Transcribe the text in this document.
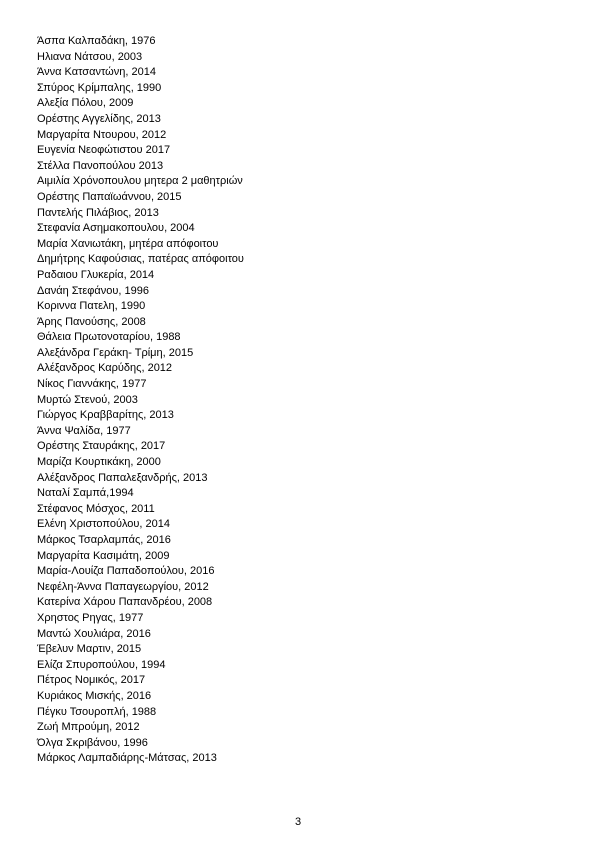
Άσπα Καλπαδάκη, 1976
Ηλιανα Νάτσου, 2003
Άννα Κατσαντώνη, 2014
Σπύρος Κρίμπαλης, 1990
Αλεξία Πόλου, 2009
Ορέστης Αγγελίδης, 2013
Μαργαρίτα Ντουρου, 2012
Ευγενία Νεοφώτιστου 2017
Στέλλα Πανοπούλου 2013
Αιμιλία Χρόνοπουλου μητερα 2 μαθητριών
Ορέστης Παπαϊωάννου, 2015
Παντελής Πιλάβιος, 2013
Στεφανία Ασημακοπουλου, 2004
Μαρία Χανιωτάκη, μητέρα απόφοιτου
Δημήτρης Καφούσιας, πατέρας απόφοιτου
Ραδαιου Γλυκερία, 2014
Δανάη Στεφάνου, 1996
Κοριννα Πατελη, 1990
Άρης Πανούσης, 2008
Θάλεια Πρωτονοταρίου, 1988
Αλεξάνδρα Γεράκη- Τρίμη, 2015
Αλέξανδρος Καρύδης, 2012
Νίκος Γιαννάκης, 1977
Μυρτώ Στενού, 2003
Γιώργος Κραββαρίτης, 2013
Άννα Ψαλίδα, 1977
Ορέστης Σταυράκης, 2017
Μαρίζα Κουρτικάκη, 2000
Αλέξανδρος Παπαλεξανδρής, 2013
Ναταλί Σαμπά,1994
Στέφανος Μόσχος, 2011
Ελένη Χριστοπούλου, 2014
Μάρκος Τσαρλαμπάς, 2016
Μαργαρίτα Κασιμάτη, 2009
Μαρία-Λουίζα Παπαδοπούλου, 2016
Νεφέλη-Άννα Παπαγεωργίου, 2012
Κατερίνα Χάρου Παπανδρέου, 2008
Χρηστος Ρηγας, 1977
Μαντώ Χουλιάρα, 2016
Έβελυν Μαρτιν, 2015
Ελίζα Σπυροπούλου, 1994
Πέτρος Νομικός, 2017
Κυριάκος Μισκής, 2016
Πέγκυ Τσουροπλή, 1988
Ζωή Μπρούμη, 2012
Όλγα Σκριβάνου, 1996
Μάρκος Λαμπαδιάρης-Μάτσας, 2013
3
